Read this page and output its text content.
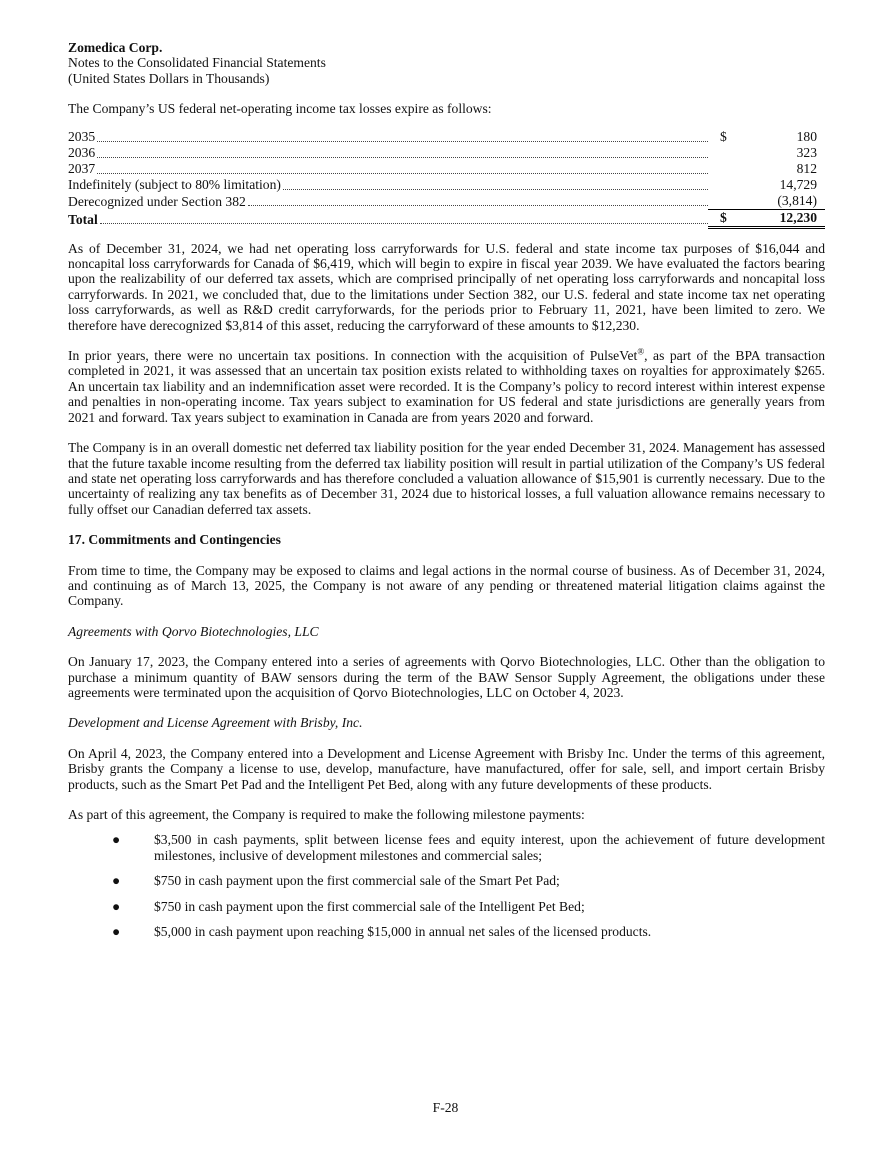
Zomedica Corp.
Notes to the Consolidated Financial Statements
(United States Dollars in Thousands)

The Company’s US federal net-operating income tax losses expire as follows:

2035	$	180

2036		323

2037		812

Indefinitely (subject to 80% limitation)		14,729

Derecognized under Section 382		(3,814)

Total	$	12,230

As of December 31, 2024, we had net operating loss carryforwards for U.S. federal and state income tax purposes of $16,044 and noncapital loss carryforwards for Canada of $6,419, which will begin to expire in fiscal year 2039. We have evaluated the factors bearing upon the realizability of our deferred tax assets, which are comprised principally of net operating loss carryforwards and noncapital loss carryforwards. In 2021, we concluded that, due to the limitations under Section 382, our U.S. federal and state income tax net operating loss carryforwards, as well as R&D credit carryforwards, for the periods prior to February 11, 2021, have been limited to zero. We therefore have derecognized $3,814 of this asset, reducing the carryforward of these amounts to $12,230.

In prior years, there were no uncertain tax positions. In connection with the acquisition of PulseVet®, as part of the BPA transaction completed in 2021, it was assessed that an uncertain tax position exists related to withholding taxes on royalties for approximately $265. An uncertain tax liability and an indemnification asset were recorded. It is the Company’s policy to record interest within interest expense and penalties in non-operating income. Tax years subject to examination for US federal and state jurisdictions are generally years from 2021 and forward. Tax years subject to examination in Canada are from years 2020 and forward.

The Company is in an overall domestic net deferred tax liability position for the year ended December 31, 2024. Management has assessed that the future taxable income resulting from the deferred tax liability position will result in partial utilization of the Company’s US federal and state net operating loss carryforwards and has therefore concluded a valuation allowance of $15,901 is currently necessary. Due to the uncertainty of realizing any tax benefits as of December 31, 2024 due to historical losses, a full valuation allowance remains necessary to fully offset our Canadian deferred tax assets.

17. Commitments and Contingencies

From time to time, the Company may be exposed to claims and legal actions in the normal course of business. As of December 31, 2024, and continuing as of March 13, 2025, the Company is not aware of any pending or threatened material litigation claims against the Company.

Agreements with Qorvo Biotechnologies, LLC

On January 17, 2023, the Company entered into a series of agreements with Qorvo Biotechnologies, LLC. Other than the obligation to purchase a minimum quantity of BAW sensors during the term of the BAW Sensor Supply Agreement, the obligations under these agreements were terminated upon the acquisition of Qorvo Biotechnologies, LLC on October 4, 2023.

Development and License Agreement with Brisby, Inc.

On April 4, 2023, the Company entered into a Development and License Agreement with Brisby Inc. Under the terms of this agreement, Brisby grants the Company a license to use, develop, manufacture, have manufactured, offer for sale, sell, and import certain Brisby products, such as the Smart Pet Pad and the Intelligent Pet Bed, along with any future developments of these products.

As part of this agreement, the Company is required to make the following milestone payments:

● $3,500 in cash payments, split between license fees and equity interest, upon the achievement of future development milestones, inclusive of development milestones and commercial sales;
● $750 in cash payment upon the first commercial sale of the Smart Pet Pad;
● $750 in cash payment upon the first commercial sale of the Intelligent Pet Bed;
● $5,000 in cash payment upon reaching $15,000 in annual net sales of the licensed products.
F-28
